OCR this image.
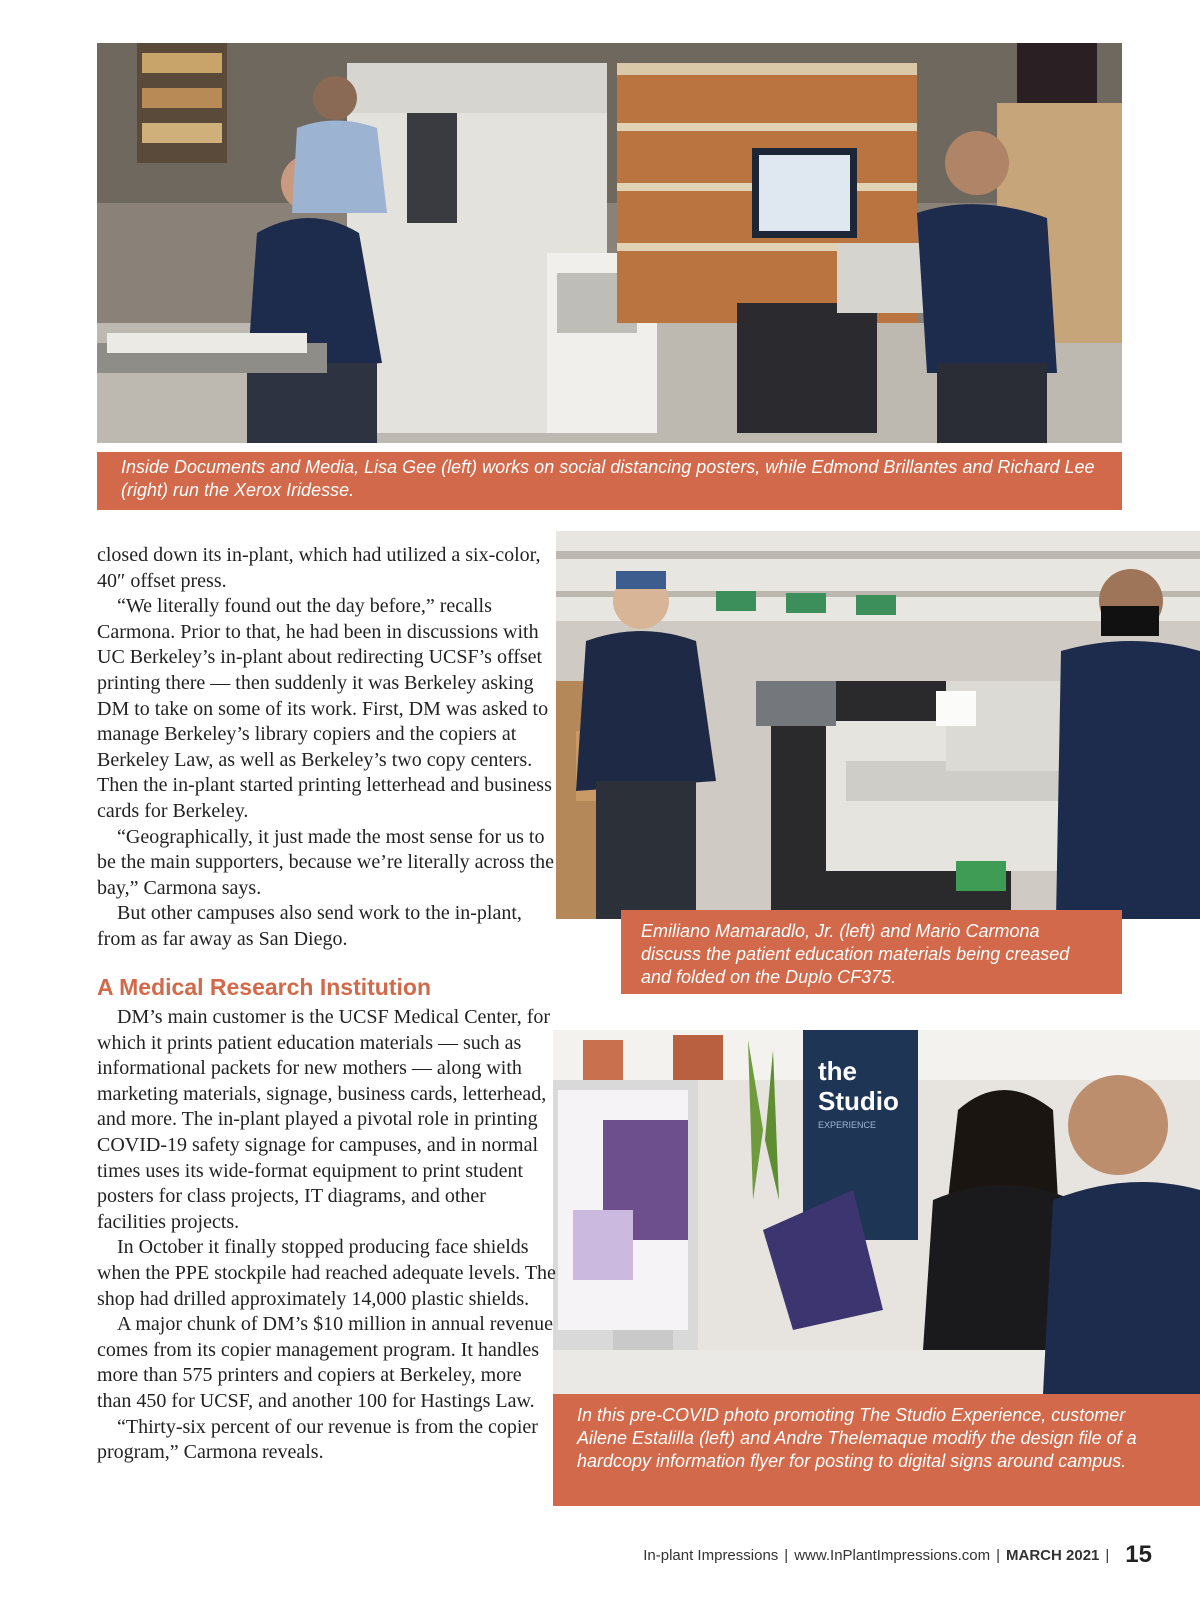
Inside Documents and Media, Lisa Gee (left) works on social distancing posters, while Edmond Brillantes and Richard Lee (right) run the Xerox Iridesse.

Emiliano Mamaradlo, Jr. (left) and Mario Carmona discuss the patient education materials being creased and folded on the Duplo CF375.

the
Studio
EXPERIENCE

In this pre-COVID photo promoting The Studio Experience, customer Ailene Estalilla (left) and Andre Thelemaque modify the design file of a hardcopy information flyer for posting to digital signs around campus.

closed down its in-plant, which had utilized a six-color, 40″ offset press.

“We literally found out the day before,” recalls Carmona. Prior to that, he had been in discussions with UC Berkeley’s in-plant about redirecting UCSF’s offset printing there — then suddenly it was Berkeley asking DM to take on some of its work. First, DM was asked to manage Berkeley’s library copiers and the copiers at Berkeley Law, as well as Berkeley’s two copy centers. Then the in-plant started printing letterhead and business cards for Berkeley.

“Geographically, it just made the most sense for us to be the main supporters, because we’re literally across the bay,” Carmona says.

But other campuses also send work to the in-plant, from as far away as San Diego.

A Medical Research Institution

DM’s main customer is the UCSF Medical Center, for which it prints patient education materials — such as informational packets for new mothers — along with marketing materials, signage, business cards, letterhead, and more. The in-plant played a pivotal role in printing COVID-19 safety signage for campuses, and in normal times uses its wide-format equipment to print student posters for class projects, IT diagrams, and other facilities projects.

In October it finally stopped producing face shields when the PPE stockpile had reached adequate levels. The shop had drilled approximately 14,000 plastic shields.

A major chunk of DM’s $10 million in annual revenue comes from its copier management program. It handles more than 575 printers and copiers at Berkeley, more than 450 for UCSF, and another 100 for Hastings Law.

“Thirty-six percent of our revenue is from the copier program,” Carmona reveals.

In-plant Impressions | www.InPlantImpressions.com | MARCH 2021 | 15
